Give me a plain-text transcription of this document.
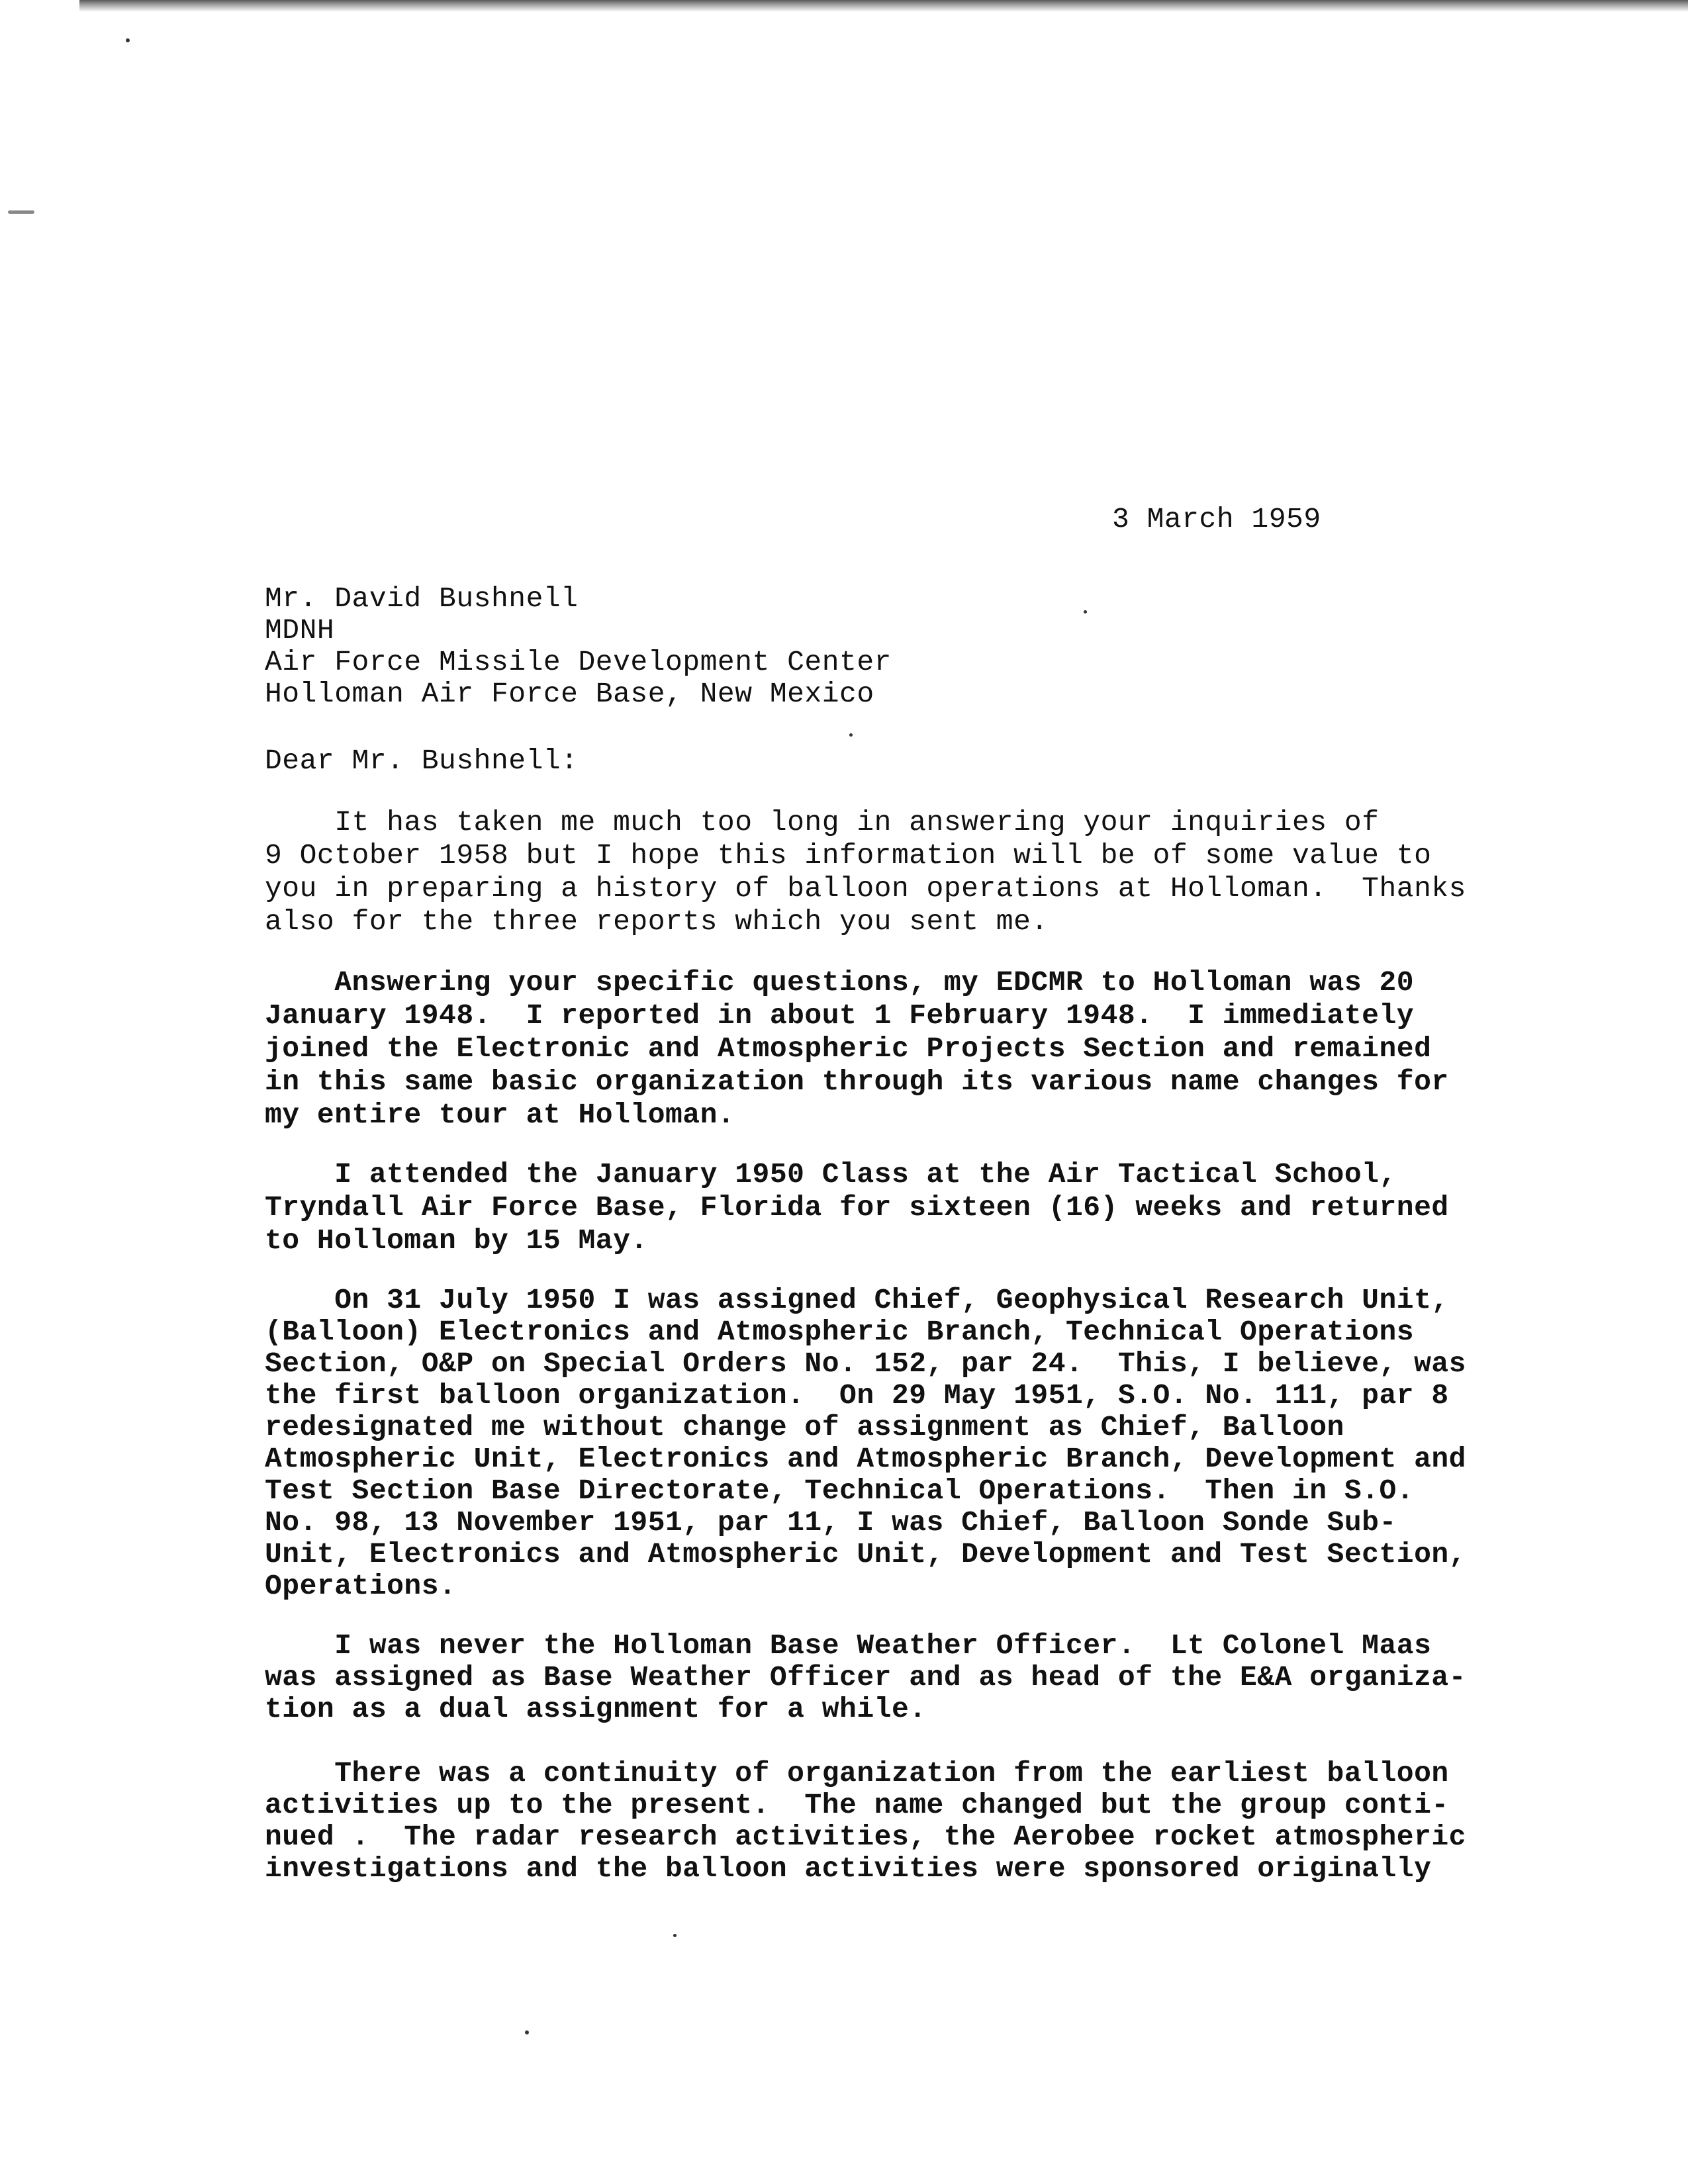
3 March 1959
Mr. David Bushnell
MDNH
Air Force Missile Development Center
Holloman Air Force Base, New Mexico
Dear Mr. Bushnell:
It has taken me much too long in answering your inquiries of
9 October 1958 but I hope this information will be of some value to
you in preparing a history of balloon operations at Holloman.  Thanks
also for the three reports which you sent me.
Answering your specific questions, my EDCMR to Holloman was 20
January 1948.  I reported in about 1 February 1948.  I immediately
joined the Electronic and Atmospheric Projects Section and remained
in this same basic organization through its various name changes for
my entire tour at Holloman.
I attended the January 1950 Class at the Air Tactical School,
Tryndall Air Force Base, Florida for sixteen (16) weeks and returned
to Holloman by 15 May.
On 31 July 1950 I was assigned Chief, Geophysical Research Unit,
(Balloon) Electronics and Atmospheric Branch, Technical Operations
Section, O&P on Special Orders No. 152, par 24.  This, I believe, was
the first balloon organization.  On 29 May 1951, S.O. No. 111, par 8
redesignated me without change of assignment as Chief, Balloon
Atmospheric Unit, Electronics and Atmospheric Branch, Development and
Test Section Base Directorate, Technical Operations.  Then in S.O.
No. 98, 13 November 1951, par 11, I was Chief, Balloon Sonde Sub-
Unit, Electronics and Atmospheric Unit, Development and Test Section,
Operations.
I was never the Holloman Base Weather Officer.  Lt Colonel Maas
was assigned as Base Weather Officer and as head of the E&A organiza-
tion as a dual assignment for a while.
There was a continuity of organization from the earliest balloon
activities up to the present.  The name changed but the group conti-
nued .  The radar research activities, the Aerobee rocket atmospheric
investigations and the balloon activities were sponsored originally
